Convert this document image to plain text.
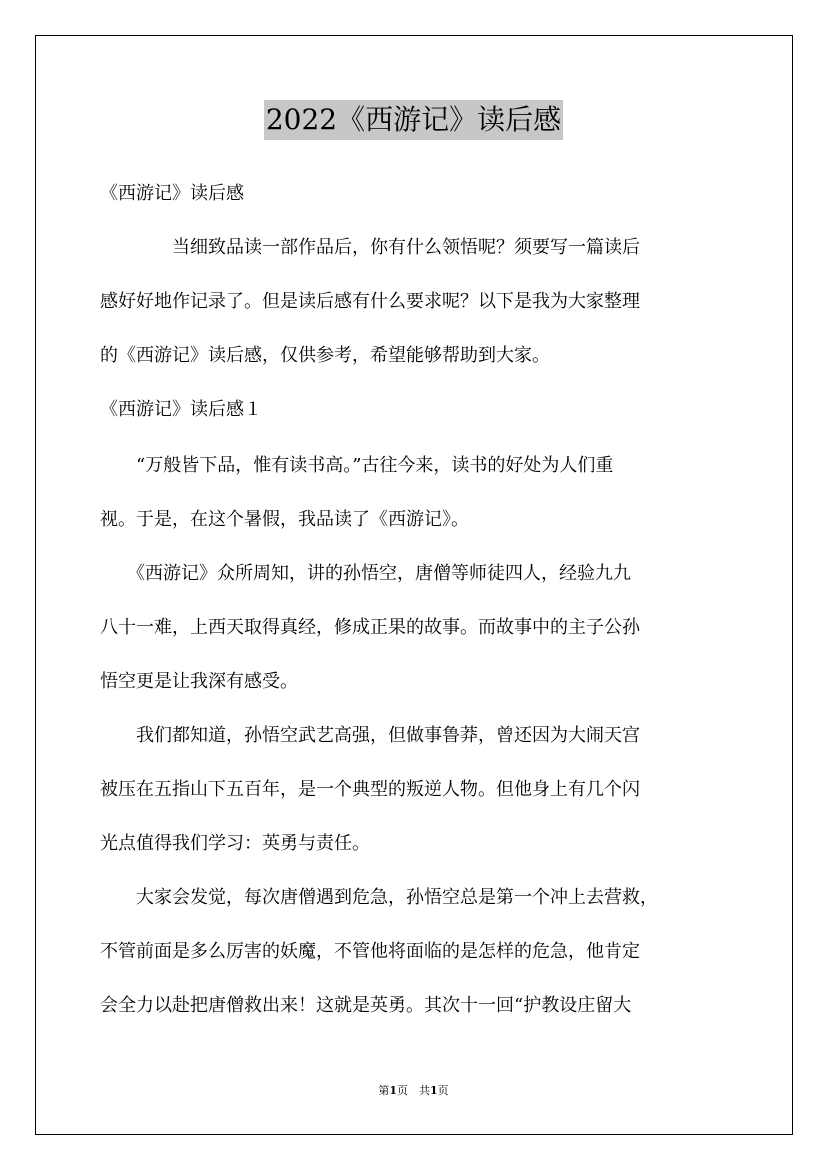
2022《西游记》读后感
《西游记》读后感
　　　　当细致品读一部作品后，你有什么领悟呢？须要写一篇读后
感好好地作记录了。但是读后感有什么要求呢？以下是我为大家整理
的《西游记》读后感，仅供参考，希望能够帮助到大家。
《西游记》读后感１
　　“万般皆下品，惟有读书高。”古往今来，读书的好处为人们重
视。于是，在这个暑假，我品读了《西游记》。
　　《西游记》众所周知，讲的孙悟空，唐僧等师徒四人，经验九九
八十一难，上西天取得真经，修成正果的故事。而故事中的主子公孙
悟空更是让我深有感受。
　　我们都知道，孙悟空武艺高强，但做事鲁莽，曾还因为大闹天宫
被压在五指山下五百年，是一个典型的叛逆人物。但他身上有几个闪
光点值得我们学习：英勇与责任。
　　大家会发觉，每次唐僧遇到危急，孙悟空总是第一个冲上去营救，
不管前面是多么厉害的妖魔，不管他将面临的是怎样的危急，他肯定
会全力以赴把唐僧救出来！这就是英勇。其次十一回“护教设庄留大
第1页　共1页
